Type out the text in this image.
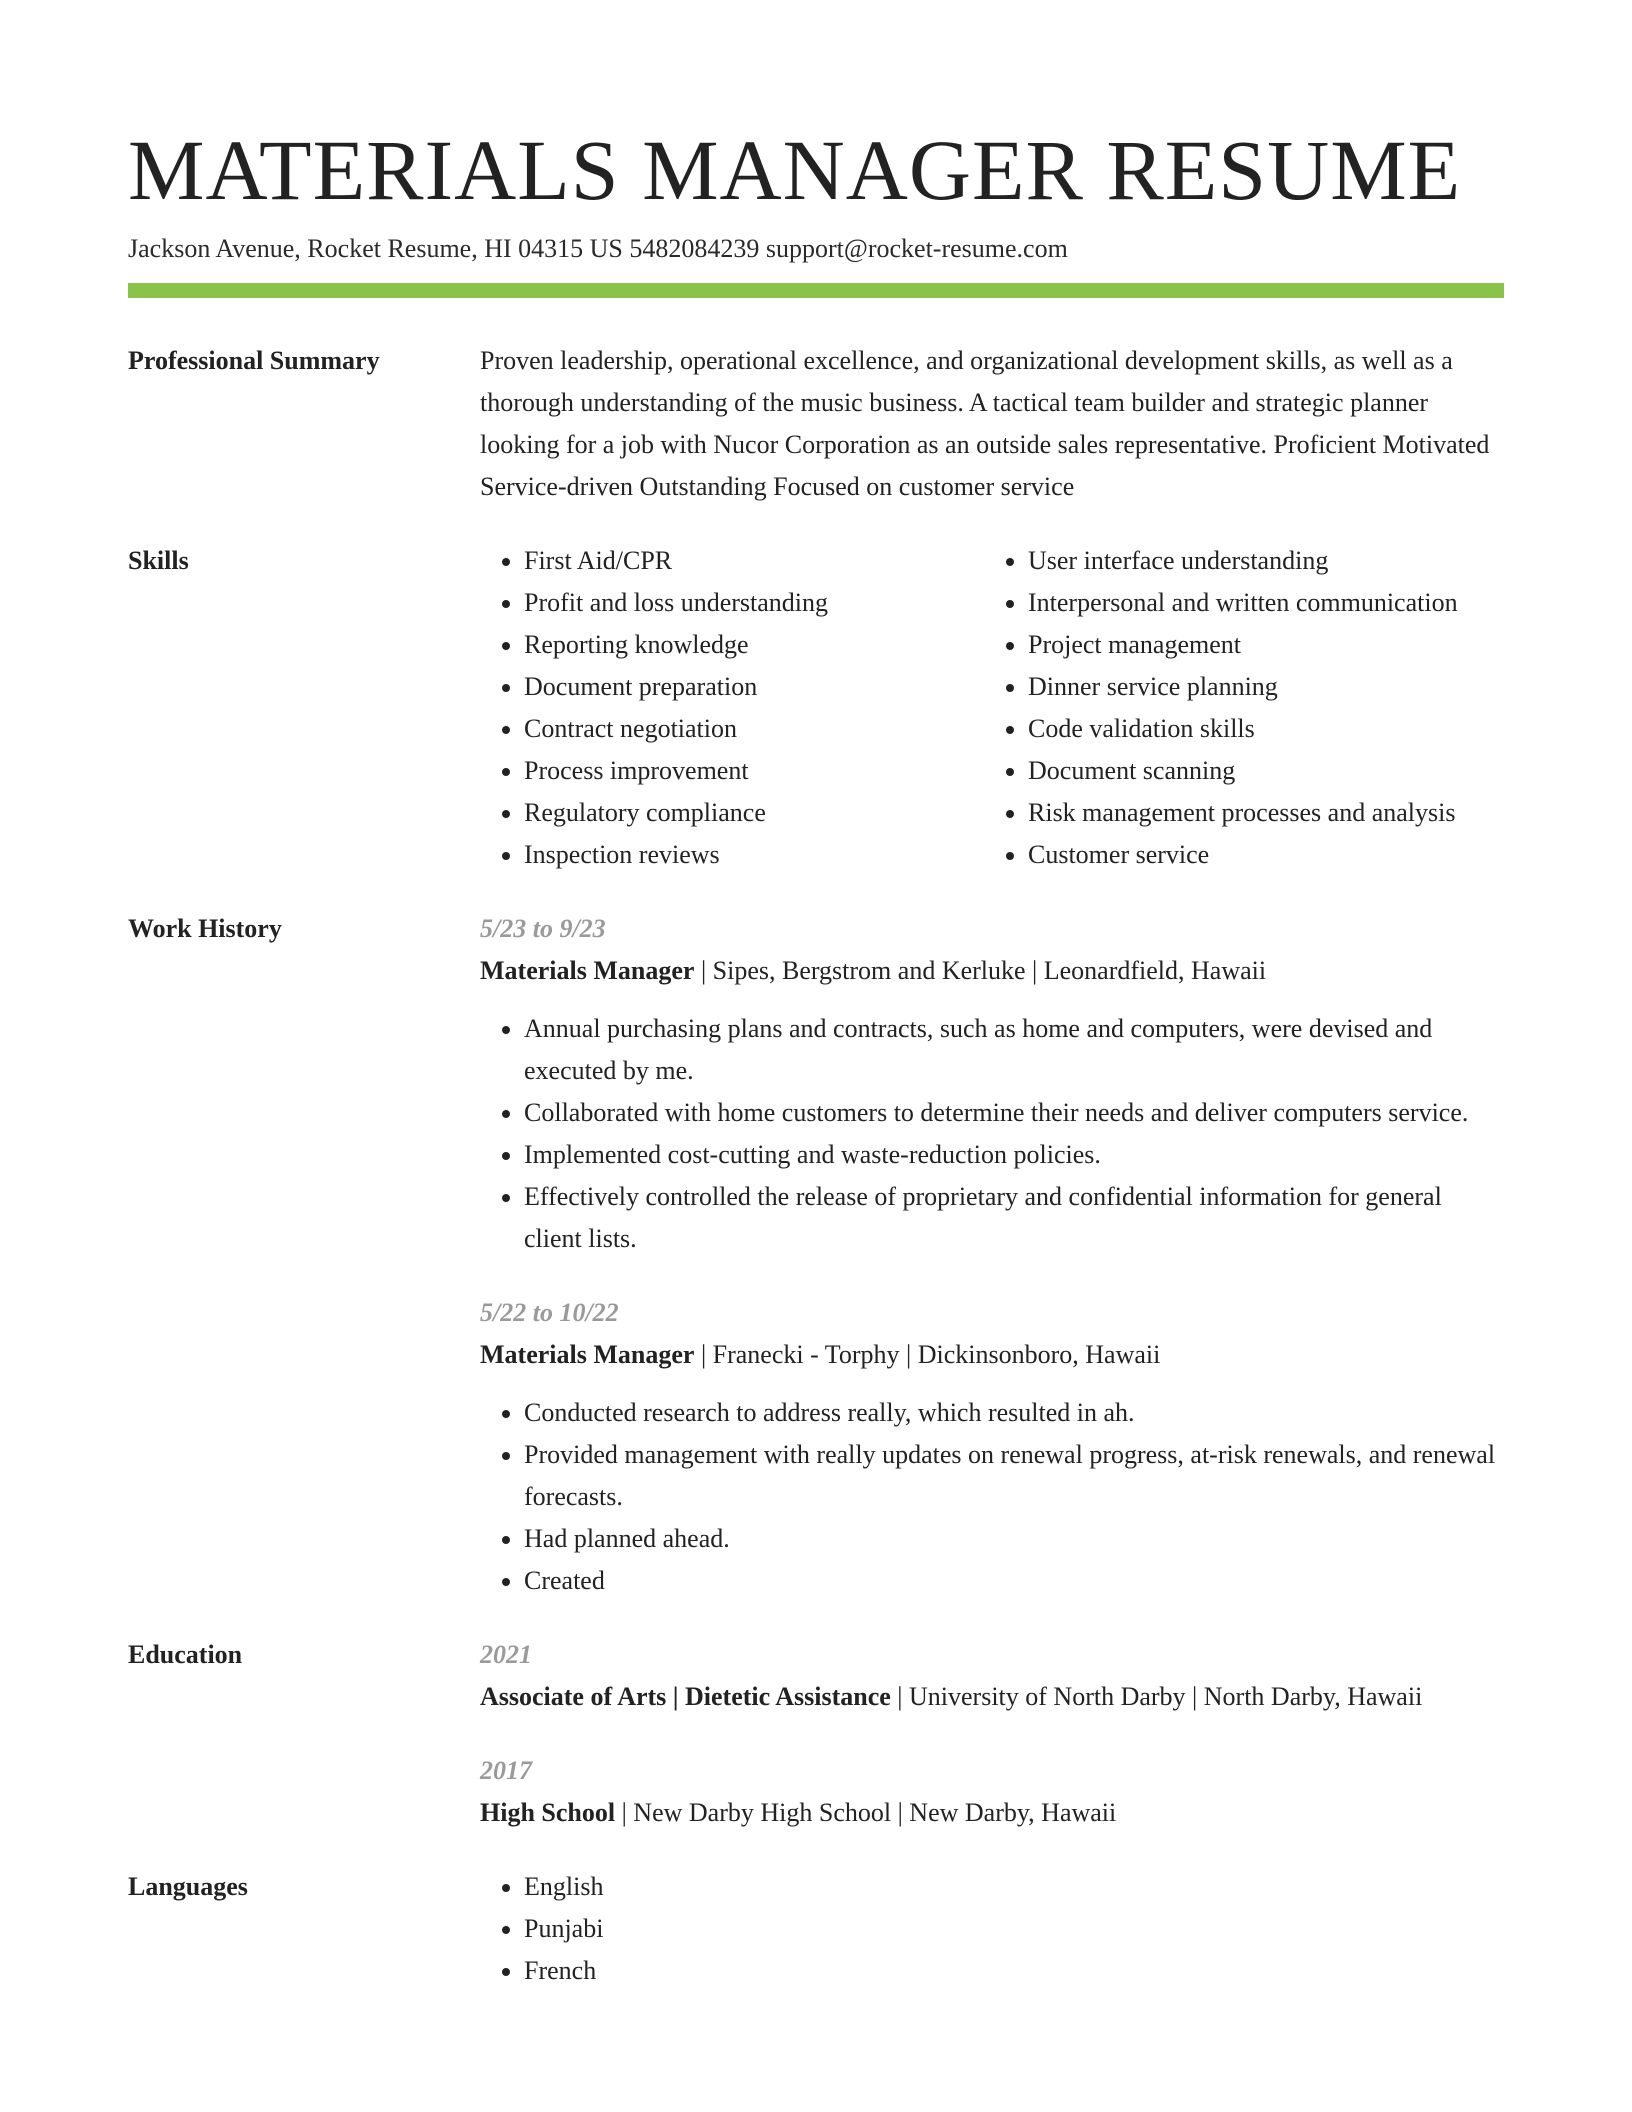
MATERIALS MANAGER RESUME
Jackson Avenue, Rocket Resume, HI 04315 US 5482084239 support@rocket-resume.com
Professional Summary	Proven leadership, operational excellence, and organizational development skills, as well as a thorough understanding of the music business. A tactical team builder and strategic planner looking for a job with Nucor Corporation as an outside sales representative. Proficient Motivated Service-driven Outstanding Focused on customer service

Skills	• First Aid/CPR
• Profit and loss understanding
• Reporting knowledge
• Document preparation
• Contract negotiation
• Process improvement
• Regulatory compliance
• Inspection reviews
• User interface understanding
• Interpersonal and written communication
• Project management
• Dinner service planning
• Code validation skills
• Document scanning
• Risk management processes and analysis
• Customer service
Work History	5/23 to 9/23
Materials Manager | Sipes, Bergstrom and Kerluke | Leonardfield, Hawaii
• Annual purchasing plans and contracts, such as home and computers, were devised and executed by me.
• Collaborated with home customers to determine their needs and deliver computers service.
• Implemented cost-cutting and waste-reduction policies.
• Effectively controlled the release of proprietary and confidential information for general client lists.
5/22 to 10/22
Materials Manager | Franecki - Torphy | Dickinsonboro, Hawaii
• Conducted research to address really, which resulted in ah.
• Provided management with really updates on renewal progress, at-risk renewals, and renewal forecasts.
• Had planned ahead.
• Created
Education	2021
Associate of Arts | Dietetic Assistance | University of North Darby | North Darby, Hawaii
2017
High School | New Darby High School | New Darby, Hawaii
Languages	• English
• Punjabi
• French
